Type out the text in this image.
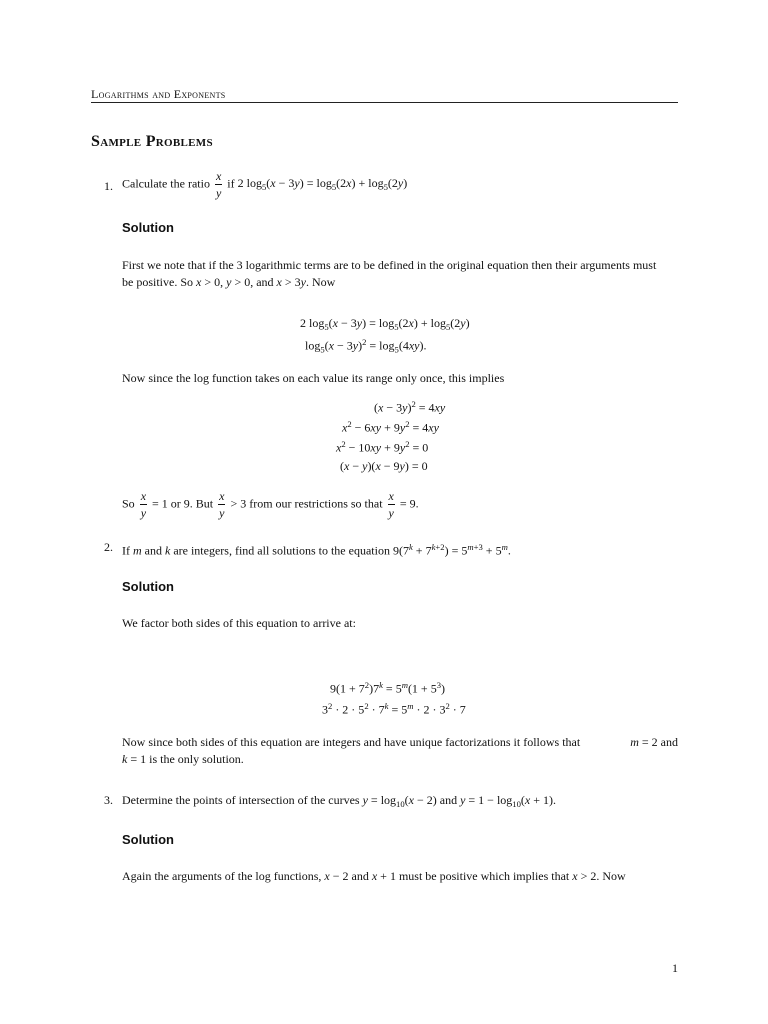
Logarithms and Exponents
Sample Problems
1. Calculate the ratio $\frac{x}{y}$ if 2 $\log_5(x - 3y) = \log_5(2x) + \log_5(2y)$
Solution
First we note that if the 3 logarithmic terms are to be defined in the original equation then their arguments must
be positive. So x > 0, y > 0, and x > 3y. Now
2 $\log_5(x - 3y) = \log_5(2x) + \log_5(2y)$
$\log_5(x - 3y)^2 = \log_5(4xy)$.
Now since the log function takes on each value its range only once, this implies
$(x - 3y)^2 = 4xy$
$x^2 - 6xy + 9y^2 = 4xy$
$x^2 - 10xy + 9y^2 = 0$
(x − y)(x − 9y) = 0
So $\frac{x}{y} = 1$ or 9. But $\frac{x}{y} > 3$ from our restrictions so that $\frac{x}{y} = 9$.
2. If m and k are integers, find all solutions to the equation $9(7^k + 7^{k+2}) = 5^{m+3} + 5^m$.
Solution
We factor both sides of this equation to arrive at:
$9(1 + 7^2)7^k = 5^m(1 + 5^3)$
$3^2 \cdot 2 \cdot 5^2 \cdot 7^k = 5^m \cdot 2 \cdot 3^2 \cdot 7$
Now since both sides of this equation are integers and have unique factorizations it follows that	m = 2 and
k = 1 is the only solution.
3. Determine the points of intersection of the curves $y = \log_{10}(x - 2)$ and $y = 1 - \log_{10}(x + 1)$.
Solution
Again the arguments of the log functions, x − 2 and x + 1 must be positive which implies that x > 2. Now
1
